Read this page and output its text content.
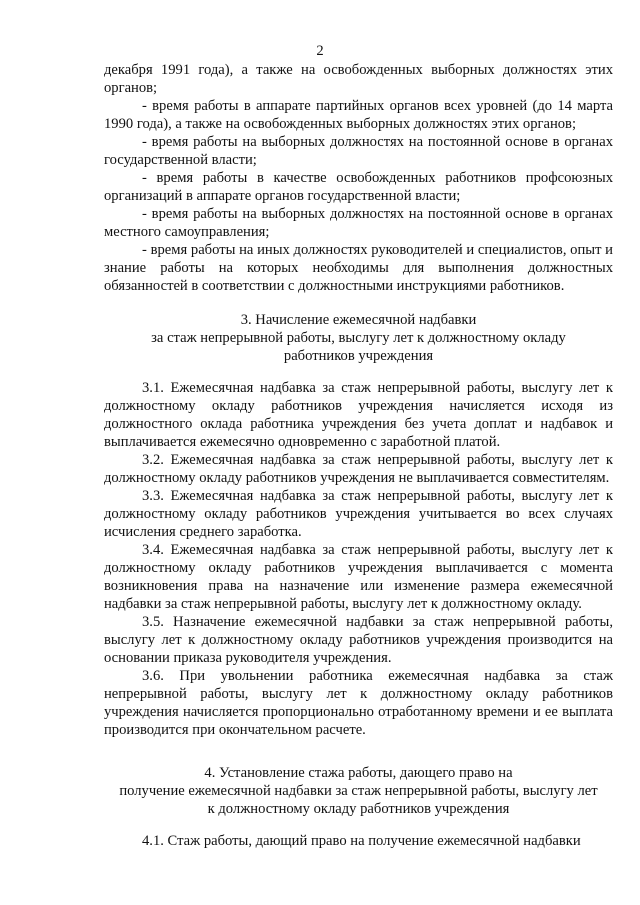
2

декабря 1991 года), а также на освобожденных выборных должностях этих органов;

- время работы в аппарате партийных органов всех уровней (до 14 марта 1990 года), а также на освобожденных выборных должностях этих органов;

- время работы на выборных должностях на постоянной основе в органах государственной власти;

- время работы в качестве освобожденных работников профсоюзных организаций в аппарате органов государственной власти;

- время работы на выборных должностях на постоянной основе в органах местного самоуправления;

- время работы на иных должностях руководителей и специалистов, опыт и знание работы на которых необходимы для выполнения должностных обязанностей в соответствии с должностными инструкциями работников.

3. Начисление ежемесячной надбавки

за стаж непрерывной работы, выслугу лет к должностному окладу

работников учреждения

3.1. Ежемесячная надбавка за стаж непрерывной работы, выслугу лет к должностному окладу работников учреждения начисляется исходя из должностного оклада работника учреждения без учета доплат и надбавок и выплачивается ежемесячно одновременно с заработной платой.

3.2. Ежемесячная надбавка за стаж непрерывной работы, выслугу лет к должностному окладу работников учреждения не выплачивается совместителям.

3.3. Ежемесячная надбавка за стаж непрерывной работы, выслугу лет к должностному окладу работников учреждения учитывается во всех случаях исчисления среднего заработка.

3.4. Ежемесячная надбавка за стаж непрерывной работы, выслугу лет к должностному окладу работников учреждения выплачивается с момента возникновения права на назначение или изменение размера ежемесячной надбавки за стаж непрерывной работы, выслугу лет к должностному окладу.

3.5. Назначение ежемесячной надбавки за стаж непрерывной работы, выслугу лет к должностному окладу работников учреждения производится на основании приказа руководителя учреждения.

3.6. При увольнении работника ежемесячная надбавка за стаж непрерывной работы, выслугу лет к должностному окладу работников учреждения начисляется пропорционально отработанному времени и ее выплата производится при окончательном расчете.

4. Установление стажа работы, дающего право на

получение ежемесячной надбавки за стаж непрерывной работы, выслугу лет

к должностному окладу работников учреждения

4.1. Стаж работы, дающий право на получение ежемесячной надбавки
